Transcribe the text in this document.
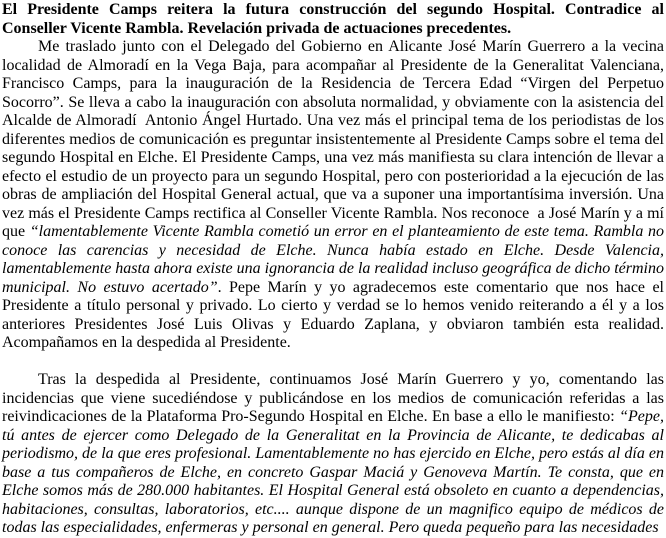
El Presidente Camps reitera la futura construcción del segundo Hospital. Contradice al Conseller Vicente Rambla. Revelación privada de actuaciones precedentes.

Me traslado junto con el Delegado del Gobierno en Alicante José Marín Guerrero a la vecina localidad de Almoradí en la Vega Baja, para acompañar al Presidente de la Generalitat Valenciana, Francisco Camps, para la inauguración de la Residencia de Tercera Edad “Virgen del Perpetuo Socorro”. Se lleva a cabo la inauguración con absoluta normalidad, y obviamente con la asistencia del Alcalde de Almoradí  Antonio Ángel Hurtado. Una vez más el principal tema de los periodistas de los diferentes medios de comunicación es preguntar insistentemente al Presidente Camps sobre el tema del segundo Hospital en Elche. El Presidente Camps, una vez más manifiesta su clara intención de llevar a efecto el estudio de un proyecto para un segundo Hospital, pero con posterioridad a la ejecución de las obras de ampliación del Hospital General actual, que va a suponer una importantísima inversión. Una vez más el Presidente Camps rectifica al Conseller Vicente Rambla. Nos reconoce  a José Marín y a mí que “lamentablemente Vicente Rambla cometió un error en el planteamiento de este tema. Rambla no conoce las carencias y necesidad de Elche. Nunca había estado en Elche. Desde Valencia, lamentablemente hasta ahora existe una ignorancia de la realidad incluso geográfica de dicho término municipal. No estuvo acertado”. Pepe Marín y yo agradecemos este comentario que nos hace el Presidente a título personal y privado. Lo cierto y verdad se lo hemos venido reiterando a él y a los anteriores Presidentes José Luis Olivas y Eduardo Zaplana, y obviaron también esta realidad. Acompañamos en la despedida al Presidente.

Tras la despedida al Presidente, continuamos José Marín Guerrero y yo, comentando las incidencias que viene sucediéndose y publicándose en los medios de comunicación referidas a las reivindicaciones de la Plataforma Pro-Segundo Hospital en Elche. En base a ello le manifiesto: “Pepe, tú antes de ejercer como Delegado de la Generalitat en la Provincia de Alicante, te dedicabas al periodismo, de la que eres profesional. Lamentablemente no has ejercido en Elche, pero estás al día en base a tus compañeros de Elche, en concreto Gaspar Maciá y Genoveva Martín. Te consta, que en Elche somos más de 280.000 habitantes. El Hospital General está obsoleto en cuanto a dependencias, habitaciones, consultas, laboratorios, etc.... aunque dispone de un magnifico equipo de médicos de todas las especialidades, enfermeras y personal en general. Pero queda pequeño para las necesidades
